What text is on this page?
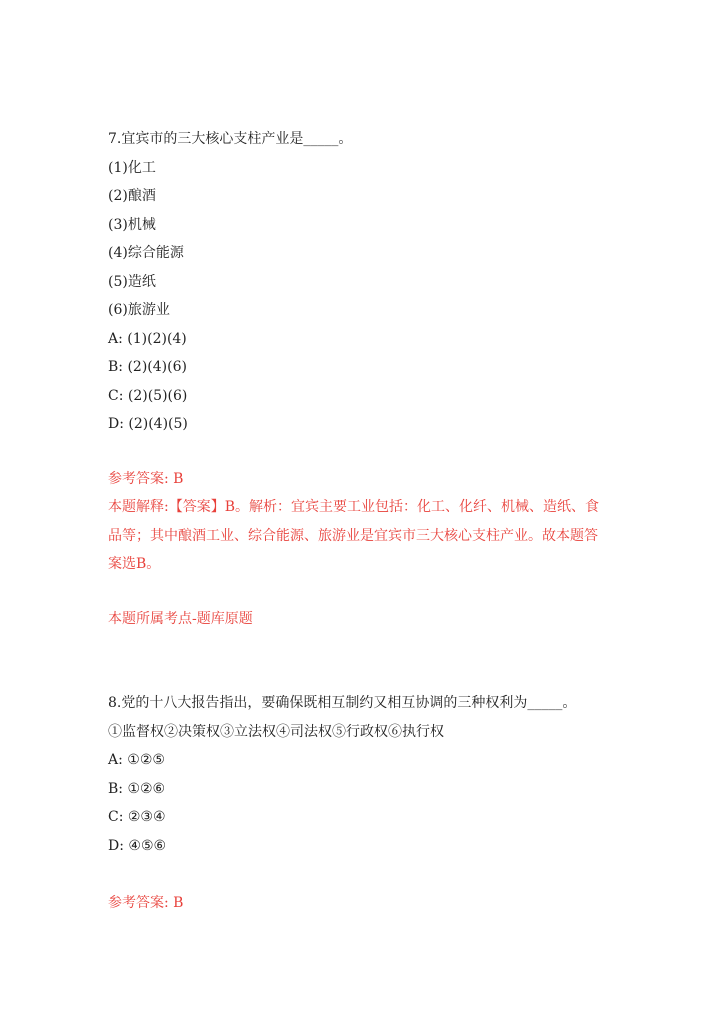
7.宜宾市的三大核心支柱产业是_____。
(1)化工
(2)酿酒
(3)机械
(4)综合能源
(5)造纸
(6)旅游业
A: (1)(2)(4)
B: (2)(4)(6)
C: (2)(5)(6)
D: (2)(4)(5)
参考答案: B
本题解释:【答案】B。解析：宜宾主要工业包括：化工、化纤、机械、造纸、食品等；其中酿酒工业、综合能源、旅游业是宜宾市三大核心支柱产业。故本题答案选B。
本题所属考点-题库原题
8.党的十八大报告指出，要确保既相互制约又相互协调的三种权利为_____。
①监督权②决策权③立法权④司法权⑤行政权⑥执行权
A: ①②⑤
B: ①②⑥
C: ②③④
D: ④⑤⑥
参考答案: B
